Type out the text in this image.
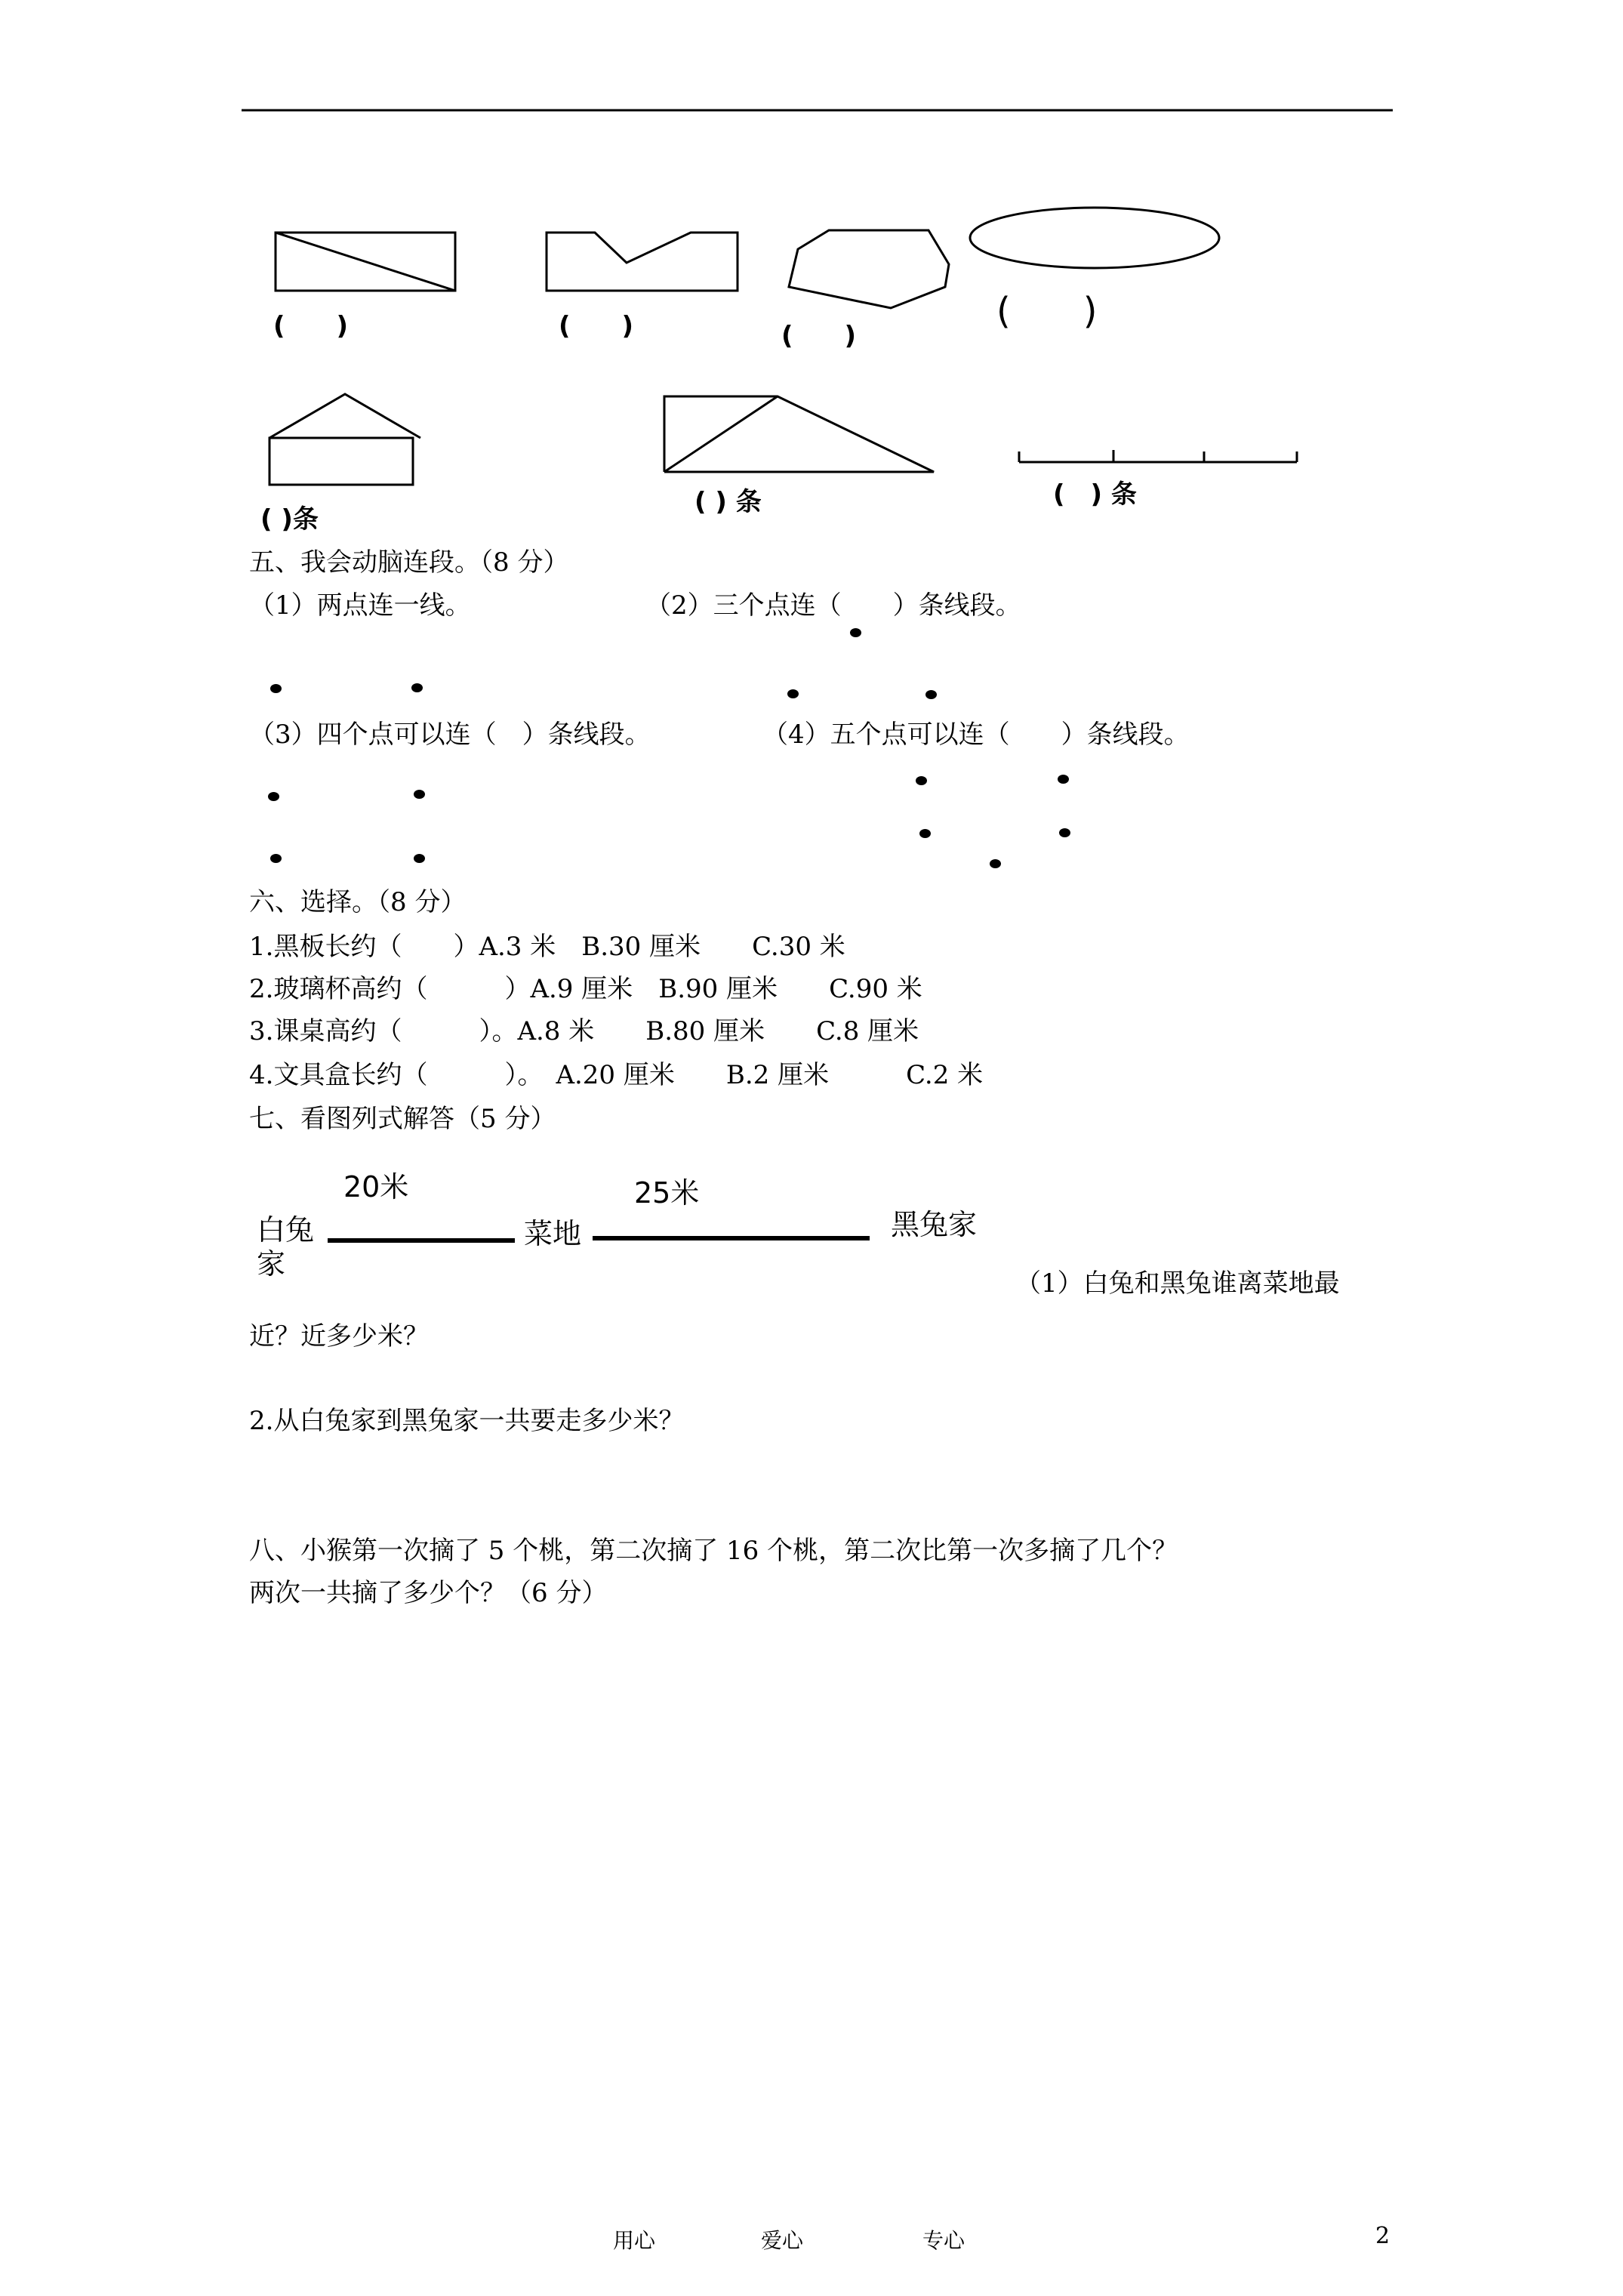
(　　)	(　　)	(　　)
(　　)
( )条
( ) 条	(　) 条
五、我会动脑连段。（8 分）
（1）两点连一线。	（2）三个点连（　　）条线段。
（3）四个点可以连（　）条线段。	（4）五个点可以连（　　）条线段。
六、选择。（8 分）
1.黑板长约（　　）A.3 米　B.30 厘米　　C.30 米
2.玻璃杯高约（　　　）A.9 厘米　B.90 厘米　　C.90 米
3.课桌高约（　　　）。A.8 米　　B.80 厘米　　C.8 厘米
4.文具盒长约（　　　）。　A.20 厘米　　B.2 厘米　　　C.2 米
七、看图列式解答（5 分）
20米	25米
白兔
家
菜地	黑兔家
（1）白兔和黑兔谁离菜地最
近？近多少米？
2.从白兔家到黑兔家一共要走多少米？
八、小猴第一次摘了 5 个桃，第二次摘了 16 个桃，第二次比第一次多摘了几个？
两次一共摘了多少个？（6 分）
用心	爱心	专心	2
